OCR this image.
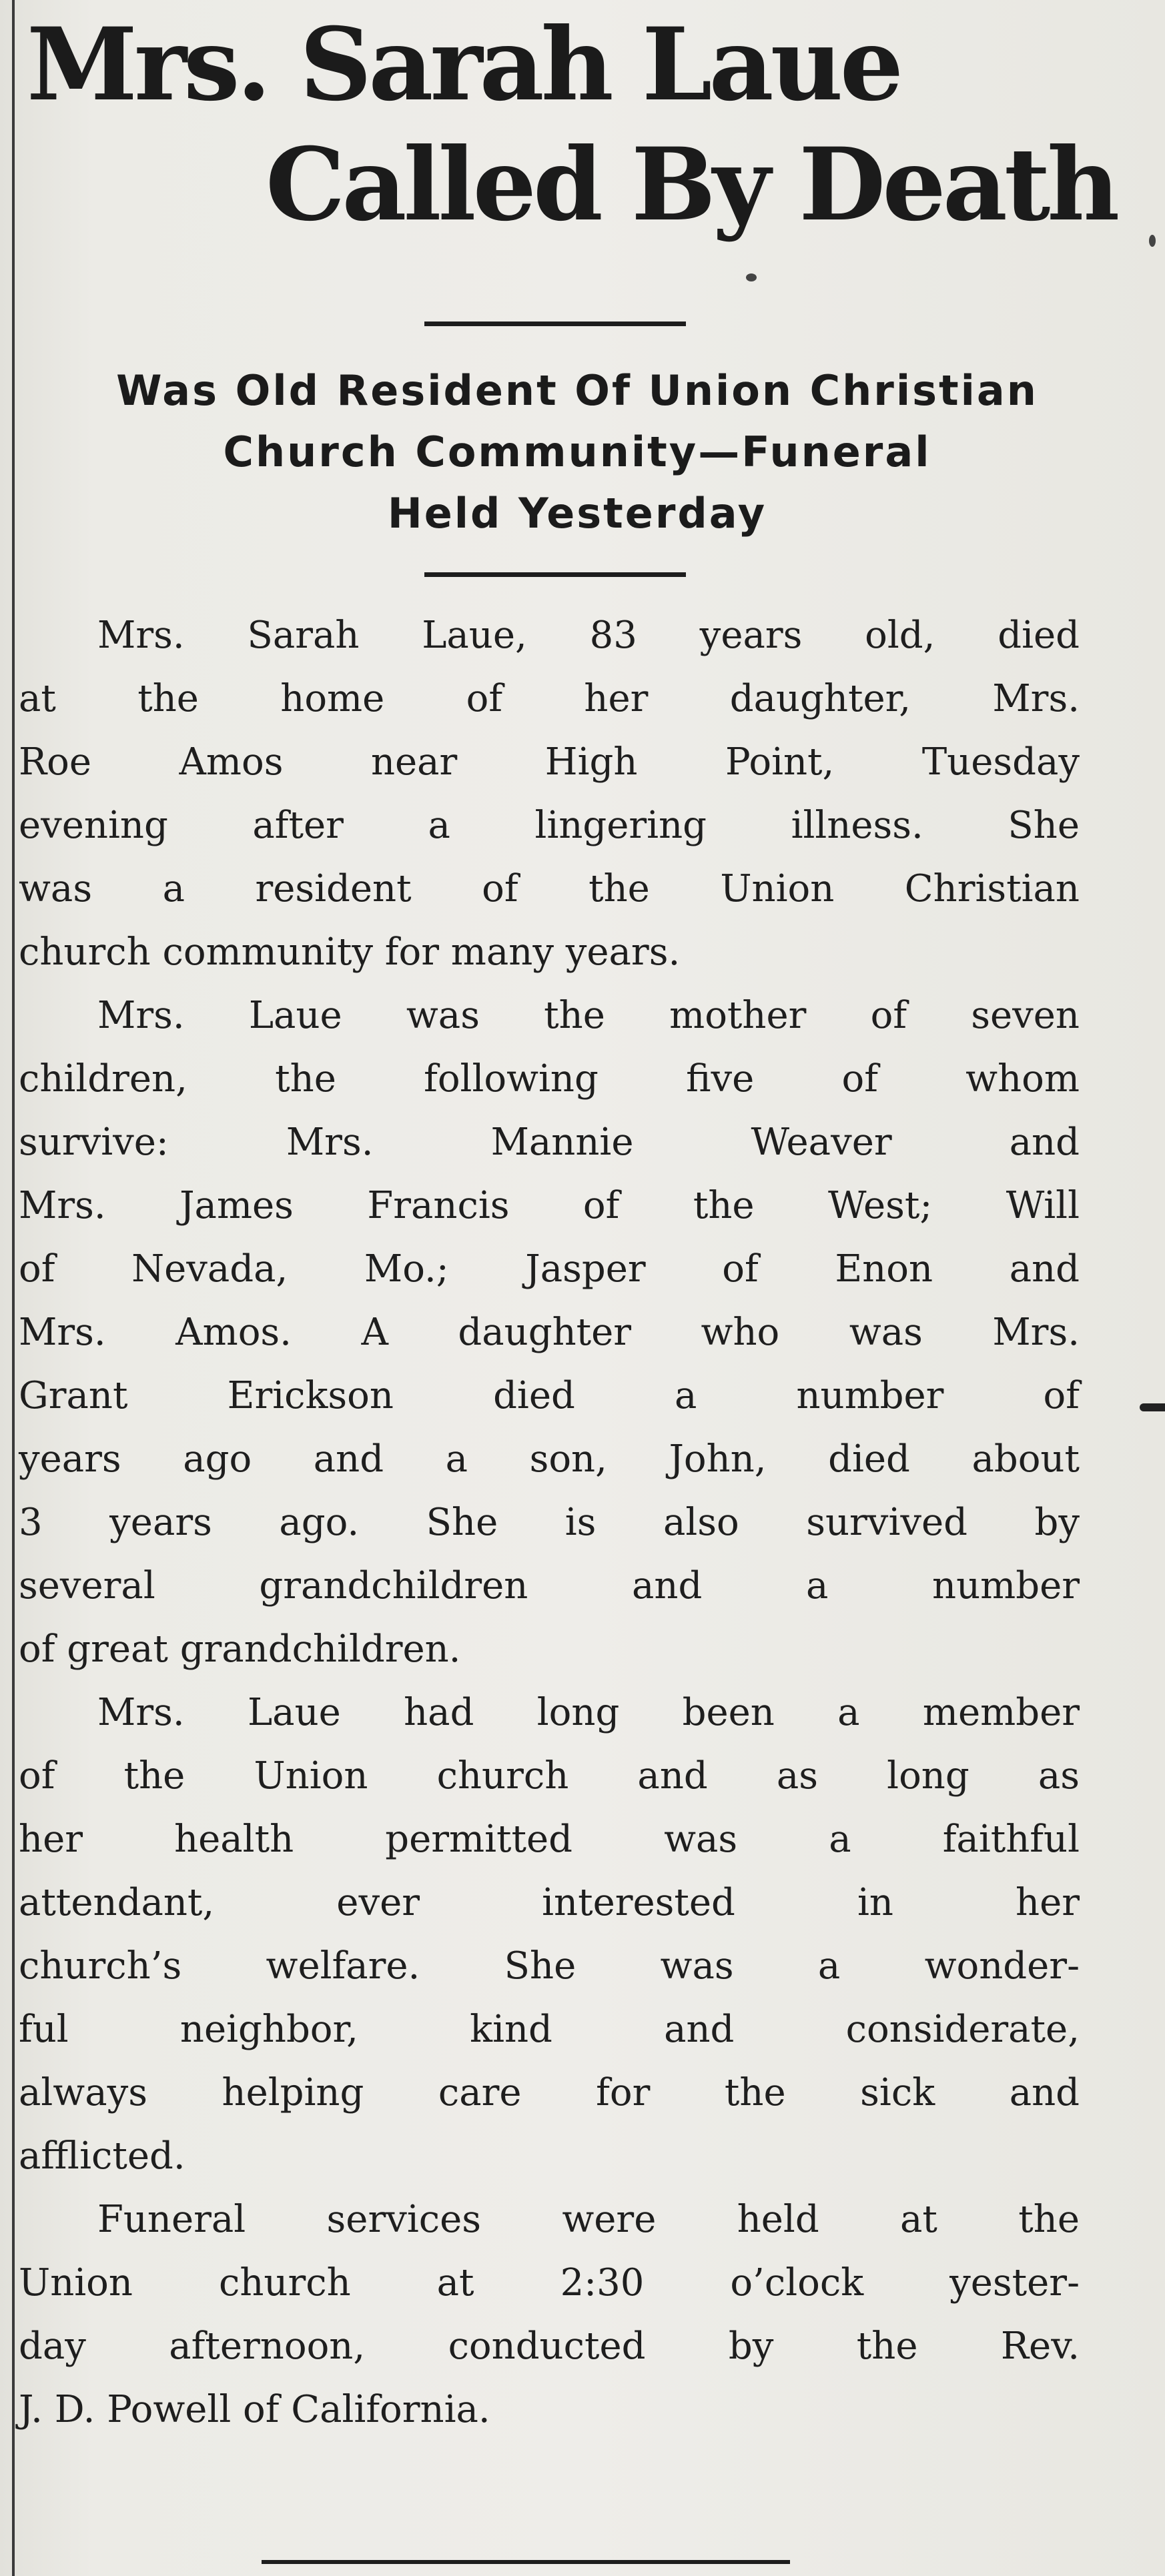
Mrs. Sarah Laue
Called By Death
Was Old Resident Of Union Christian
Church Community—Funeral
Held Yesterday

Mrs. Sarah Laue, 83 years old, died
at the home of her daughter, Mrs.
Roe Amos near High Point, Tuesday
evening after a lingering illness. She
was a resident of the Union Christian
church community for many years.

Mrs. Laue was the mother of seven
children, the following five of whom
survive: Mrs. Mannie Weaver and
Mrs. James Francis of the West; Will
of Nevada, Mo.; Jasper of Enon and
Mrs. Amos. A daughter who was Mrs.
Grant Erickson died a number of
years ago and a son, John, died about
3 years ago. She is also survived by
several grandchildren and a number
of great grandchildren.

Mrs. Laue had long been a member
of the Union church and as long as
her health permitted was a faithful
attendant, ever interested in her
church’s welfare. She was a wonder-
ful neighbor, kind and considerate,
always helping care for the sick and
afflicted.

Funeral services were held at the
Union church at 2:30 o’clock yester-
day afternoon, conducted by the Rev.
J. D. Powell of California.
